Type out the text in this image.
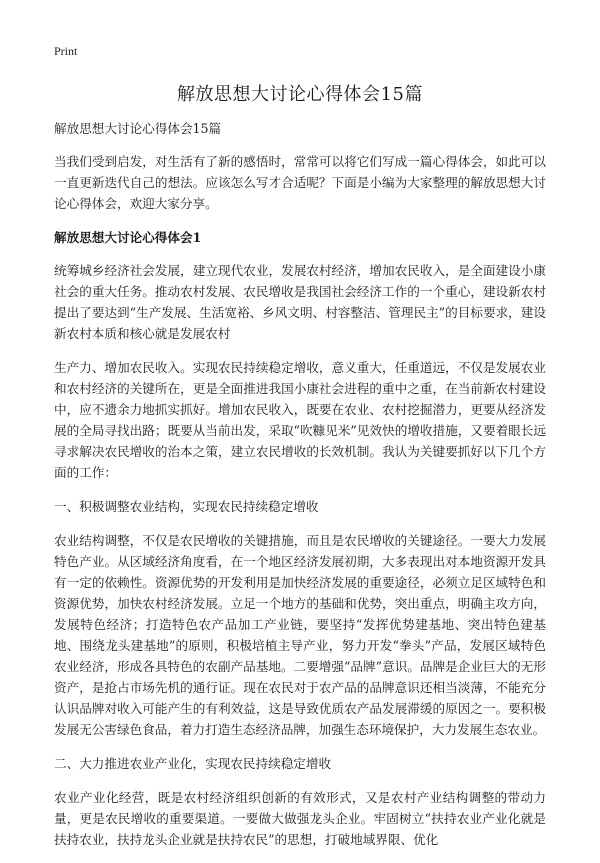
Print
解放思想大讨论心得体会15篇

解放思想大讨论心得体会15篇

当我们受到启发，对生活有了新的感悟时，常常可以将它们写成一篇心得体会，如此可以一直更新迭代自己的想法。应该怎么写才合适呢？下面是小编为大家整理的解放思想大讨论心得体会，欢迎大家分享。

解放思想大讨论心得体会1

统筹城乡经济社会发展，建立现代农业，发展农村经济，增加农民收入，是全面建设小康社会的重大任务。推动农村发展、农民增收是我国社会经济工作的一个重心，建设新农村提出了要达到“生产发展、生活宽裕、乡风文明、村容整洁、管理民主”的目标要求，建设新农村本质和核心就是发展农村

生产力、增加农民收入。实现农民持续稳定增收，意义重大，任重道远，不仅是发展农业和农村经济的关键所在，更是全面推进我国小康社会进程的重中之重，在当前新农村建设中，应不遗余力地抓实抓好。增加农民收入，既要在农业、农村挖掘潜力，更要从经济发展的全局寻找出路；既要从当前出发，采取“吹糠见米”见效快的增收措施，又要着眼长远寻求解决农民增收的治本之策，建立农民增收的长效机制。我认为关键要抓好以下几个方面的工作：

一、积极调整农业结构，实现农民持续稳定增收

农业结构调整，不仅是农民增收的关键措施，而且是农民增收的关键途径。一要大力发展特色产业。从区域经济角度看，在一个地区经济发展初期，大多表现出对本地资源开发具有一定的依赖性。资源优势的开发利用是加快经济发展的重要途径，必须立足区域特色和资源优势，加快农村经济发展。立足一个地方的基础和优势，突出重点，明确主攻方向，发展特色经济；打造特色农产品加工产业链，要坚持“发挥优势建基地、突出特色建基地、围绕龙头建基地”的原则，积极培植主导产业，努力开发“拳头”产品，发展区域特色农业经济，形成各具特色的农副产品基地。二要增强“品牌”意识。品牌是企业巨大的无形资产，是抢占市场先机的通行证。现在农民对于农产品的品牌意识还相当淡薄，不能充分认识品牌对收入可能产生的有利效益，这是导致优质农产品发展滞缓的原因之一。要积极发展无公害绿色食品，着力打造生态经济品牌，加强生态环境保护，大力发展生态农业。

二、大力推进农业产业化，实现农民持续稳定增收

农业产业化经营，既是农村经济组织创新的有效形式，又是农村产业结构调整的带动力量，更是农民增收的重要渠道。一要做大做强龙头企业。牢固树立“扶持农业产业化就是扶持农业，扶持龙头企业就是扶持农民”的思想，打破地域界限、优化
